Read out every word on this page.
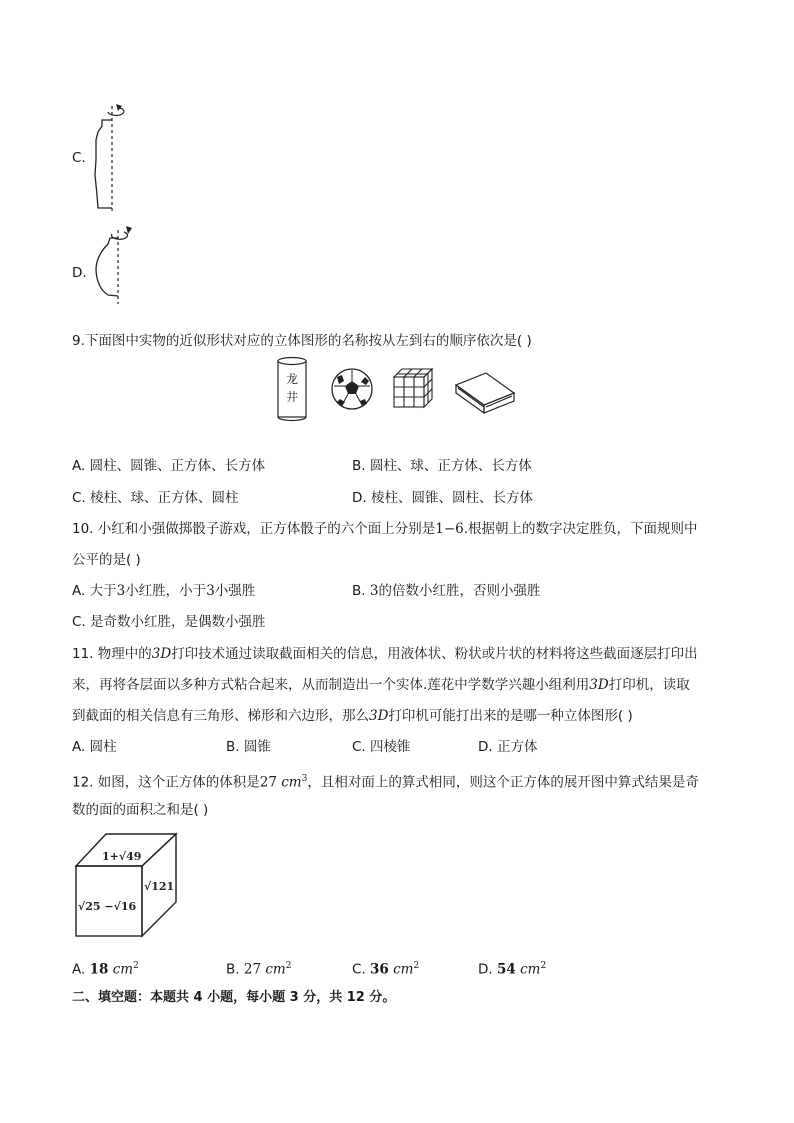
C.
D.
9.下面图中实物的近似形状对应的立体图形的名称按从左到右的顺序依次是( )
龙
井
A. 圆柱、圆锥、正方体、长方体	B. 圆柱、球、正方体、长方体
C. 棱柱、球、正方体、圆柱	D. 棱柱、圆锥、圆柱、长方体
10. 小红和小强做掷骰子游戏，正方体骰子的六个面上分别是1−6.根据朝上的数字决定胜负，下面规则中
公平的是( )
A. 大于3小红胜，小于3小强胜	B. 3的倍数小红胜，否则小强胜
C. 是奇数小红胜，是偶数小强胜
11. 物理中的3D打印技术通过读取截面相关的信息，用液体状、粉状或片状的材料将这些截面逐层打印出
来，再将各层面以多种方式粘合起来，从而制造出一个实体.莲花中学数学兴趣小组利用3D打印机，读取
到截面的相关信息有三角形、梯形和六边形，那么3D打印机可能打出来的是哪一种立体图形( )
A. 圆柱	B. 圆锥	C. 四棱锥	D. 正方体
12. 如图，这个正方体的体积是27 $cm^3$，且相对面上的算式相同，则这个正方体的展开图中算式结果是奇
数的面的面积之和是( )
1+√49
√121
√25 −√16
A. 18 $cm^2$	B. 27 $cm^2$	C. 36 $cm^2$	D. 54 $cm^2$
二、填空题：本题共 4 小题，每小题 3 分，共 12 分。
